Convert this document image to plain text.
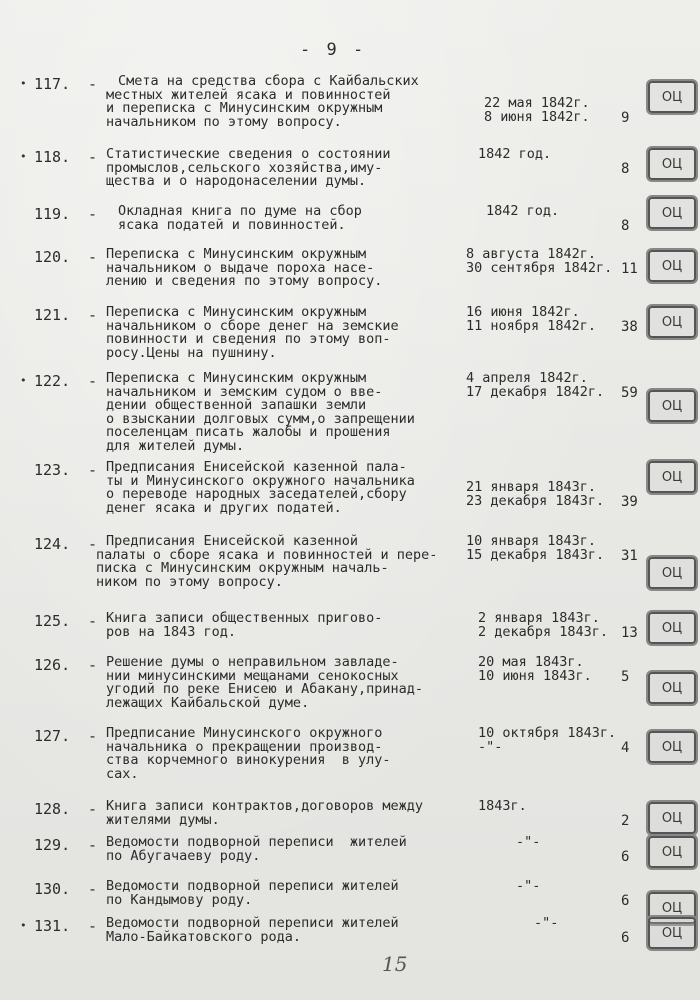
- 9 -
• 117.	- Смета на средства сбора с Кайбальских
местных жителей ясака и повинностей
и переписка с Минусинским окружным
начальником по этому вопросу.
22 мая 1842г.
8 июня 1842г. 9
ОЦ
• 118.	- Статистические сведения о состоянии
промыслов,сельского хозяйства,иму-
щества и о народонаселении думы.
1842 год.
8	ОЦ
119.	- Окладная книга по думе на сбор
ясака податей и повинностей.
1842 год.
8
ОЦ
120.	- Переписка с Минусинским окружным
начальником о выдаче пороха насе-
лению и сведения по этому вопросу.
8 августа 1842г.
30 сентября 1842г. 11	ОЦ
121.	- Переписка с Минусинским окружным
начальником о сборе денег на земские
повинности и сведения по этому воп-
росу.Цены на пушнину.
16 июня 1842г.
11 ноября 1842г. 38	ОЦ
• 122.	- Переписка с Минусинским окружным
начальником и земским судом о вве-
дении общественной запашки земли
о взыскании долговых сумм,о запрещении
поселенцам писать жалобы и прошения
для жителей думы.
4 апреля 1842г.
17 декабря 1842г. 59
ОЦ
123.	- Предписания Енисейской казенной пала-
ты и Минусинского окружного начальника
о переводе народных заседателей,сбору
денег ясака и других податей.
21 января 1843г.
23 декабря 1843г. 39
ОЦ
124.	- Предписания Енисейской казенной
палаты о сборе ясака и повинностей и пере-
писка с Минусинским окружным началь-
ником по этому вопросу.
10 января 1843г.
15 декабря 1843г. 31
ОЦ
125.	- Книга записи общественных пригово-
ров на 1843 год.
2 января 1843г.
2 декабря 1843г. 13	ОЦ
126.	- Решение думы о неправильном завладе-
нии минусинскими мещанами сенокосных
угодий по реке Енисею и Абакану,принад-
лежащих Кайбальской думе.
20 мая 1843г.
10 июня 1843г. 5
ОЦ
127.	- Предписание Минусинского окружного
начальника о прекращении производ-
ства корчемного винокурения  в улу-
сах.
10 октября 1843г.
-"-	4	ОЦ
128.	- Книга записи контрактов,договоров между
жителями думы.
1843г.
2	ОЦ
129.	- Ведомости подворной переписи  жителей
по Абугачаеву роду.
-"-
6	ОЦ
130.	- Ведомости подворной переписи жителей
по Кандымову роду.
-"-
6	ОЦ
• 131.	- Ведомости подворной переписи жителей
Мало-Байкатовского рода.
-"-
6	ОЦ
15
